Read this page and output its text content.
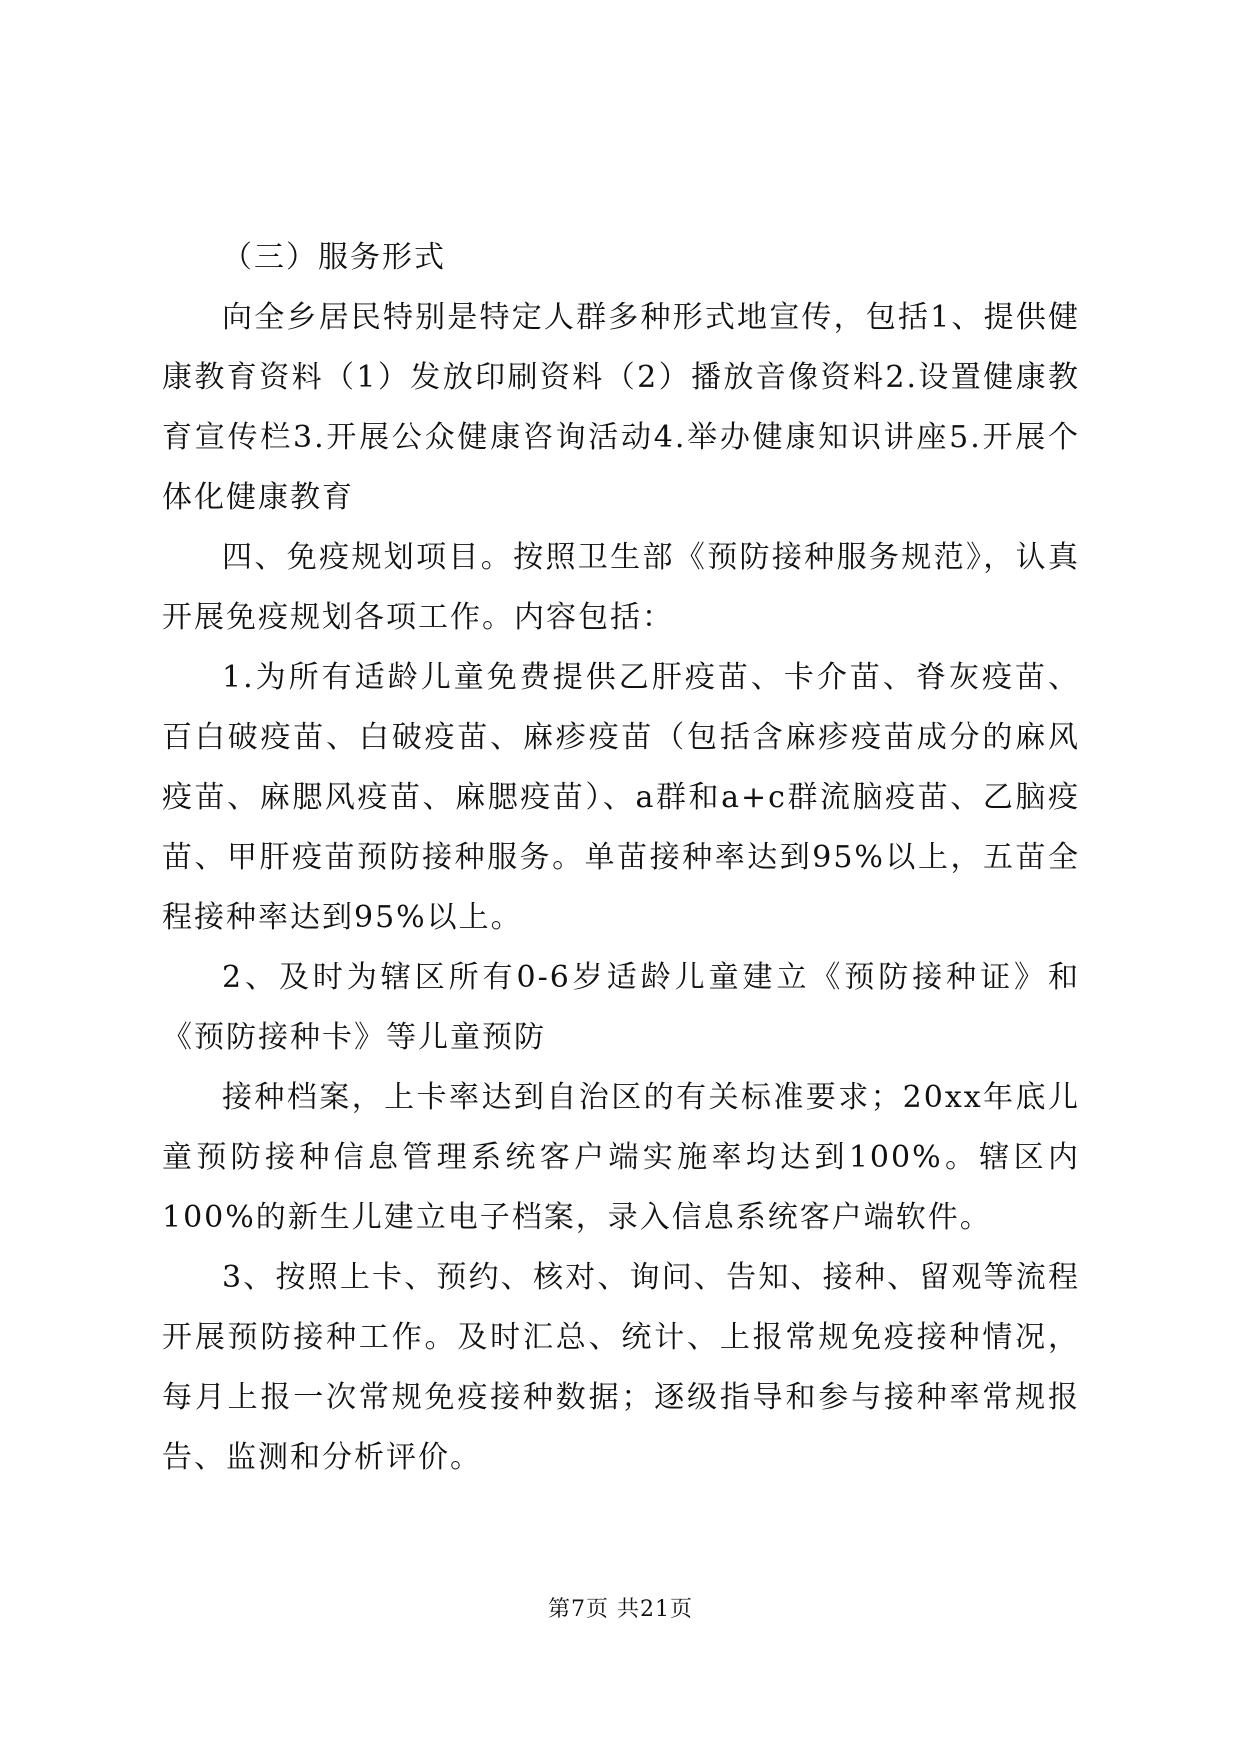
（三）服务形式

向全乡居民特别是特定人群多种形式地宣传，包括1、提供健康教育资料（1）发放印刷资料（2）播放音像资料2.设置健康教育宣传栏3.开展公众健康咨询活动4.举办健康知识讲座5.开展个体化健康教育

四、免疫规划项目。按照卫生部《预防接种服务规范》，认真开展免疫规划各项工作。内容包括：

1.为所有适龄儿童免费提供乙肝疫苗、卡介苗、脊灰疫苗、百白破疫苗、白破疫苗、麻疹疫苗（包括含麻疹疫苗成分的麻风疫苗、麻腮风疫苗、麻腮疫苗）、a群和a+c群流脑疫苗、乙脑疫苗、甲肝疫苗预防接种服务。单苗接种率达到95%以上，五苗全程接种率达到95%以上。

2、及时为辖区所有0-6岁适龄儿童建立《预防接种证》和《预防接种卡》等儿童预防

接种档案，上卡率达到自治区的有关标准要求；20xx年底儿童预防接种信息管理系统客户端实施率均达到100%。辖区内100%的新生儿建立电子档案，录入信息系统客户端软件。

3、按照上卡、预约、核对、询问、告知、接种、留观等流程开展预防接种工作。及时汇总、统计、上报常规免疫接种情况，每月上报一次常规免疫接种数据；逐级指导和参与接种率常规报告、监测和分析评价。

第7页 共21页
